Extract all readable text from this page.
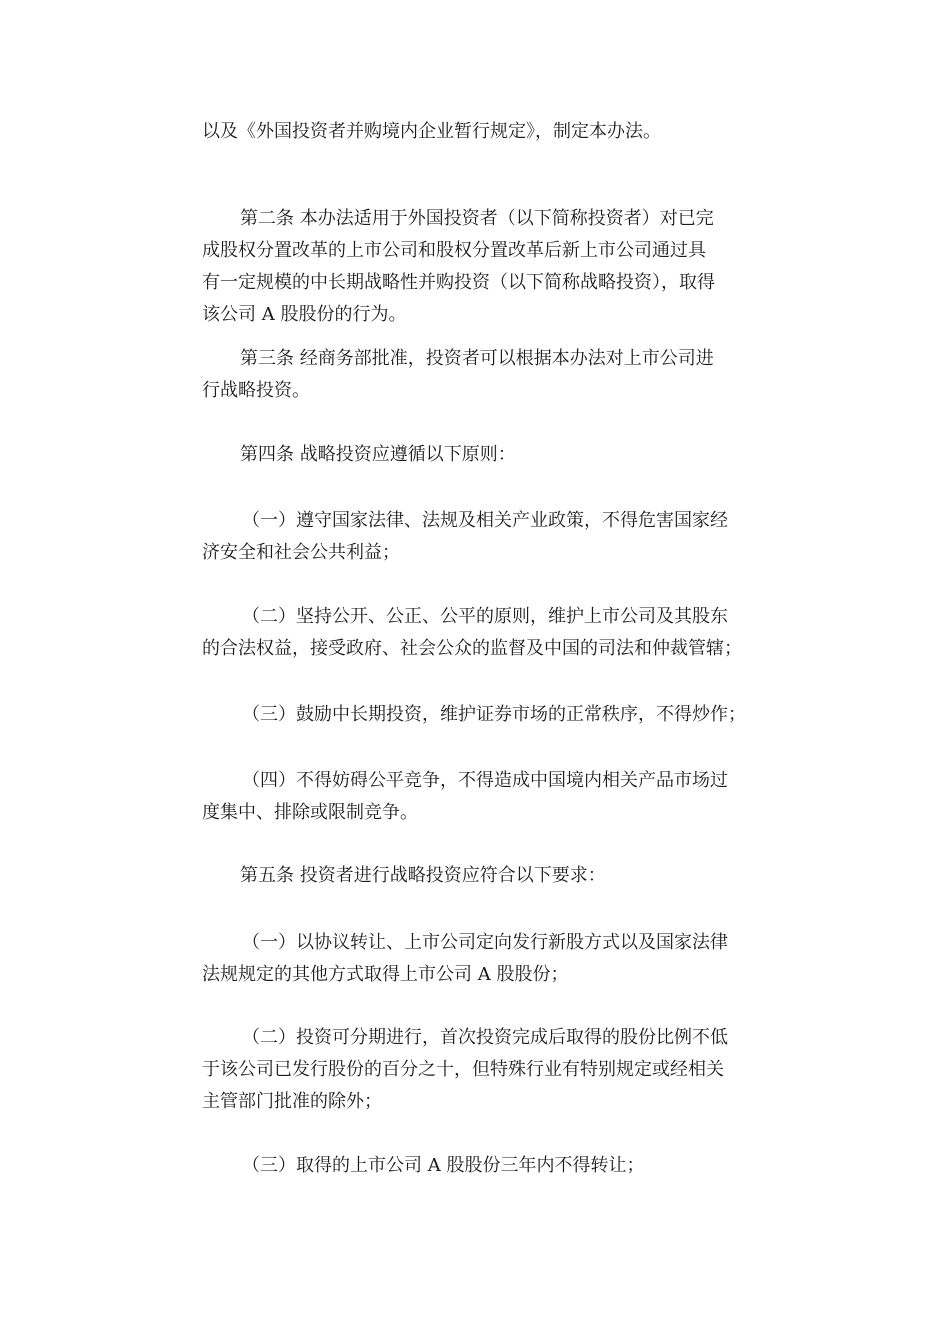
以及《外国投资者并购境内企业暂行规定》，制定本办法。

第二条 本办法适用于外国投资者（以下简称投资者）对已完
成股权分置改革的上市公司和股权分置改革后新上市公司通过具
有一定规模的中长期战略性并购投资（以下简称战略投资），取得
该公司 A 股股份的行为。

第三条 经商务部批准，投资者可以根据本办法对上市公司进
行战略投资。

第四条 战略投资应遵循以下原则：

（一）遵守国家法律、法规及相关产业政策，不得危害国家经
济安全和社会公共利益；

（二）坚持公开、公正、公平的原则，维护上市公司及其股东
的合法权益，接受政府、社会公众的监督及中国的司法和仲裁管辖；

（三）鼓励中长期投资，维护证券市场的正常秩序，不得炒作；

（四）不得妨碍公平竞争，不得造成中国境内相关产品市场过
度集中、排除或限制竞争。

第五条 投资者进行战略投资应符合以下要求：

（一）以协议转让、上市公司定向发行新股方式以及国家法律
法规规定的其他方式取得上市公司 A 股股份；

（二）投资可分期进行，首次投资完成后取得的股份比例不低
于该公司已发行股份的百分之十，但特殊行业有特别规定或经相关
主管部门批准的除外；

（三）取得的上市公司 A 股股份三年内不得转让；
